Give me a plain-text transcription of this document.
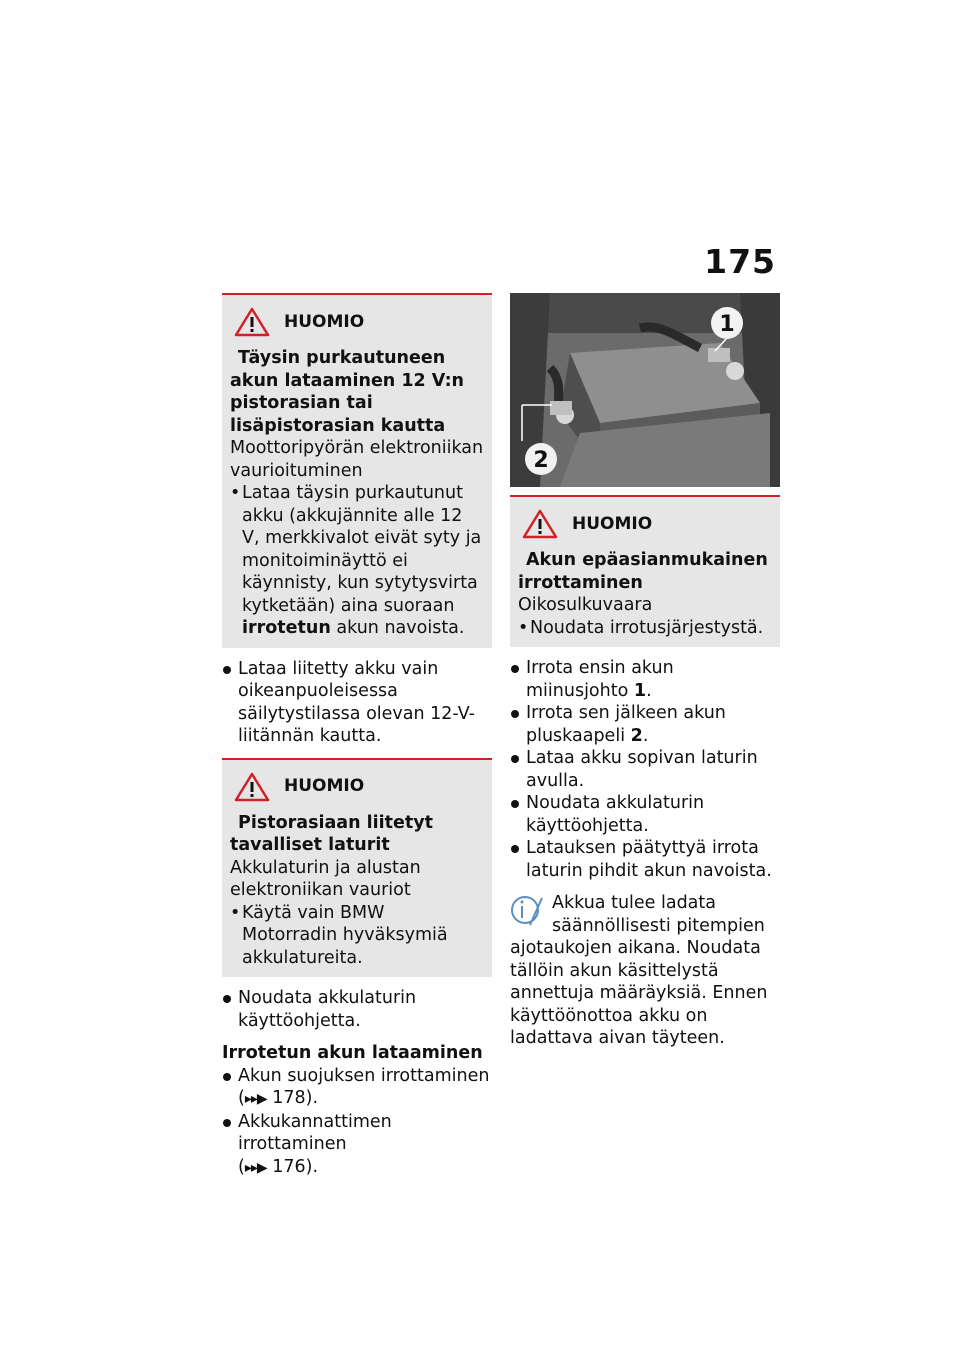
175
HUOMIO
Täysin purkautuneen akun lataaminen 12 V:n pistorasian tai lisäpistorasian kautta
Moottoripyörän elektroniikan vaurioituminen
• Lataa täysin purkautunut akku (akkujännite alle 12 V, merkkivalot eivät syty ja monitoiminäyttö ei käynnisty, kun sytytysvirta kytketään) aina suoraan irrotetun akun navoista.
Lataa liitetty akku vain oikeanpuoleisessa säilytystilassa olevan 12-V-liitännän kautta.
HUOMIO
Pistorasiaan liitetyt tavalliset laturit
Akkulaturin ja alustan elektroniikan vauriot
• Käytä vain BMW Motorradin hyväksymiä akkulatureita.
Noudata akkulaturin käyttöohjetta.
Irrotetun akun lataaminen
Akun suojuksen irrottaminen
(▸▸▶ 178).
Akkukannattimen irrottaminen
(▸▸▶ 176).
1
2
HUOMIO
Akun epäasianmukainen irrottaminen
Oikosulkuvaara
• Noudata irrotusjärjestystä.
Irrota ensin akun miinusjohto 1.
Irrota sen jälkeen akun pluskaapeli 2.
Lataa akku sopivan laturin avulla.
Noudata akkulaturin käyttöohjetta.
Latauksen päätyttyä irrota laturin pihdit akun navoista.
Akkua tulee ladata säännöllisesti pitempien ajotaukojen aikana. Noudata tällöin akun käsittelystä annettuja määräyksiä. Ennen käyttöönottoa akku on ladattava aivan täyteen.
